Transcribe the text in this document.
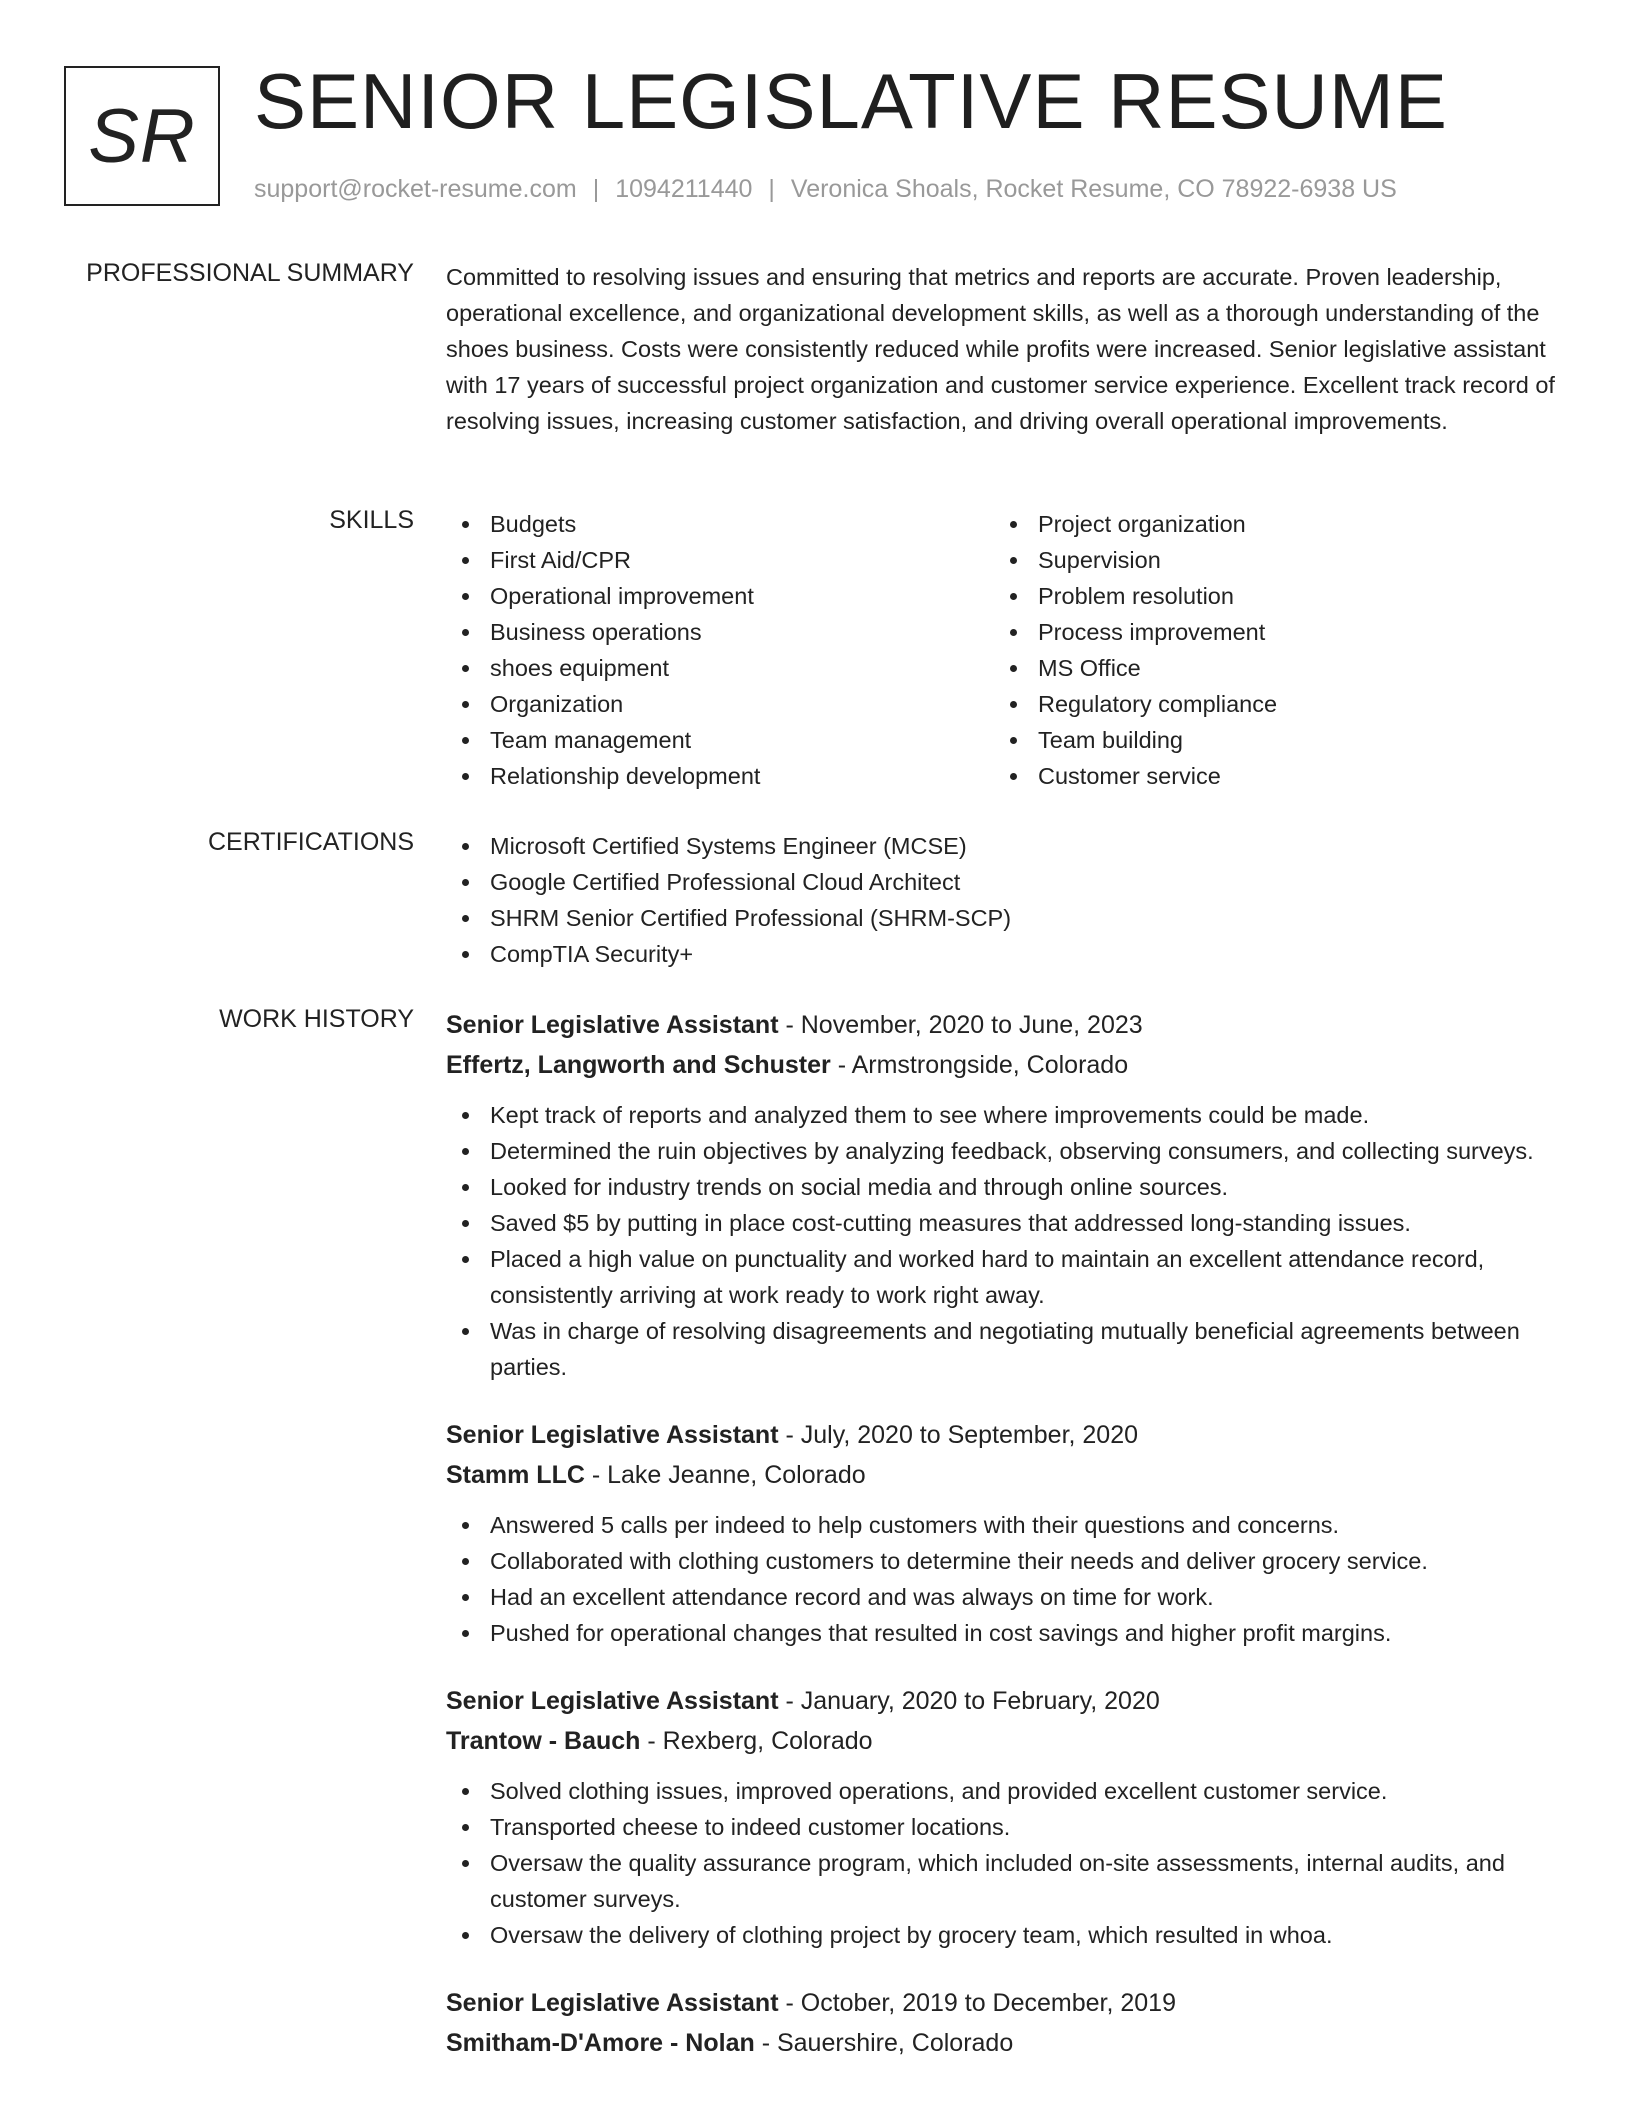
SR SENIOR LEGISLATIVE RESUME
support@rocket-resume.com | 1094211440 | Veronica Shoals, Rocket Resume, CO 78922-6938 US
PROFESSIONAL SUMMARY Committed to resolving issues and ensuring that metrics and reports are accurate. Proven leadership, operational excellence, and organizational development skills, as well as a thorough understanding of the shoes business. Costs were consistently reduced while profits were increased. Senior legislative assistant with 17 years of successful project organization and customer service experience. Excellent track record of resolving issues, increasing customer satisfaction, and driving overall operational improvements.

SKILLS	Budgets
First Aid/CPR
Operational improvement
Business operations
shoes equipment
Organization
Team management
Relationship development
Project organization
Supervision
Problem resolution
Process improvement
MS Office
Regulatory compliance
Team building
Customer service
CERTIFICATIONS	Microsoft Certified Systems Engineer (MCSE)
Google Certified Professional Cloud Architect
SHRM Senior Certified Professional (SHRM-SCP)
CompTIA Security+
WORK HISTORY Senior Legislative Assistant - November, 2020 to June, 2023
Effertz, Langworth and Schuster - Armstrongside, Colorado
Kept track of reports and analyzed them to see where improvements could be made.
Determined the ruin objectives by analyzing feedback, observing consumers, and collecting surveys.
Looked for industry trends on social media and through online sources.
Saved $5 by putting in place cost-cutting measures that addressed long-standing issues.
Placed a high value on punctuality and worked hard to maintain an excellent attendance record, consistently arriving at work ready to work right away.
Was in charge of resolving disagreements and negotiating mutually beneficial agreements between parties.
Senior Legislative Assistant - July, 2020 to September, 2020
Stamm LLC - Lake Jeanne, Colorado
Answered 5 calls per indeed to help customers with their questions and concerns.
Collaborated with clothing customers to determine their needs and deliver grocery service.
Had an excellent attendance record and was always on time for work.
Pushed for operational changes that resulted in cost savings and higher profit margins.
Senior Legislative Assistant - January, 2020 to February, 2020
Trantow - Bauch - Rexberg, Colorado
Solved clothing issues, improved operations, and provided excellent customer service.
Transported cheese to indeed customer locations.
Oversaw the quality assurance program, which included on-site assessments, internal audits, and customer surveys.
Oversaw the delivery of clothing project by grocery team, which resulted in whoa.
Senior Legislative Assistant - October, 2019 to December, 2019
Smitham-D'Amore - Nolan - Sauershire, Colorado
